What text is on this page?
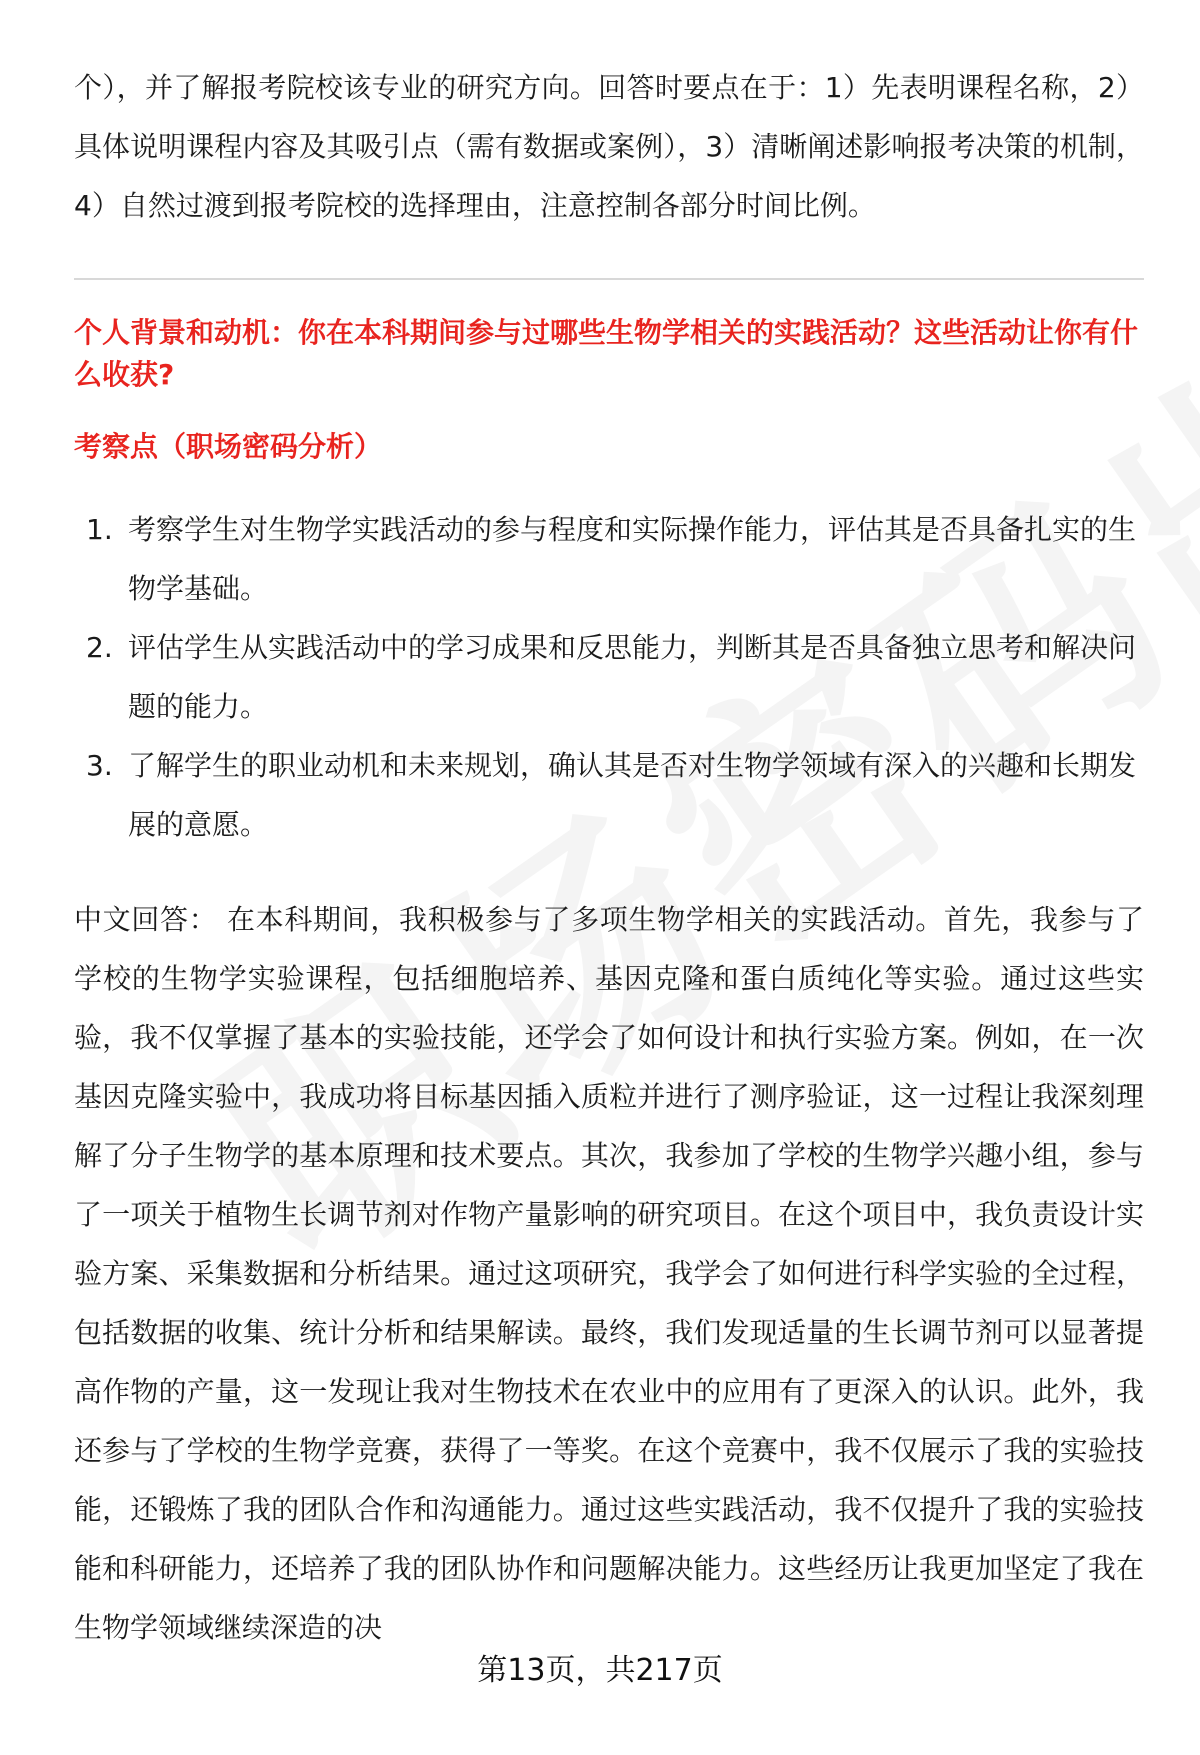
个），并了解报考院校该专业的研究方向。回答时要点在于：1）先表明课程名称，2）具体说明课程内容及其吸引点（需有数据或案例），3）清晰阐述影响报考决策的机制，4）自然过渡到报考院校的选择理由，注意控制各部分时间比例。

个人背景和动机：你在本科期间参与过哪些生物学相关的实践活动？这些活动让你有什么收获?

考察点（职场密码分析）

1. 考察学生对生物学实践活动的参与程度和实际操作能力，评估其是否具备扎实的生物学基础。
2. 评估学生从实践活动中的学习成果和反思能力，判断其是否具备独立思考和解决问题的能力。
3. 了解学生的职业动机和未来规划，确认其是否对生物学领域有深入的兴趣和长期发展的意愿。

中文回答： 在本科期间，我积极参与了多项生物学相关的实践活动。首先，我参与了学校的生物学实验课程，包括细胞培养、基因克隆和蛋白质纯化等实验。通过这些实验，我不仅掌握了基本的实验技能，还学会了如何设计和执行实验方案。例如，在一次基因克隆实验中，我成功将目标基因插入质粒并进行了测序验证，这一过程让我深刻理解了分子生物学的基本原理和技术要点。其次，我参加了学校的生物学兴趣小组，参与了一项关于植物生长调节剂对作物产量影响的研究项目。在这个项目中，我负责设计实验方案、采集数据和分析结果。通过这项研究，我学会了如何进行科学实验的全过程，包括数据的收集、统计分析和结果解读。最终，我们发现适量的生长调节剂可以显著提高作物的产量，这一发现让我对生物技术在农业中的应用有了更深入的认识。此外，我还参与了学校的生物学竞赛，获得了一等奖。在这个竞赛中，我不仅展示了我的实验技能，还锻炼了我的团队合作和沟通能力。通过这些实践活动，我不仅提升了我的实验技能和科研能力，还培养了我的团队协作和问题解决能力。这些经历让我更加坚定了我在生物学领域继续深造的决

第13页，共217页
